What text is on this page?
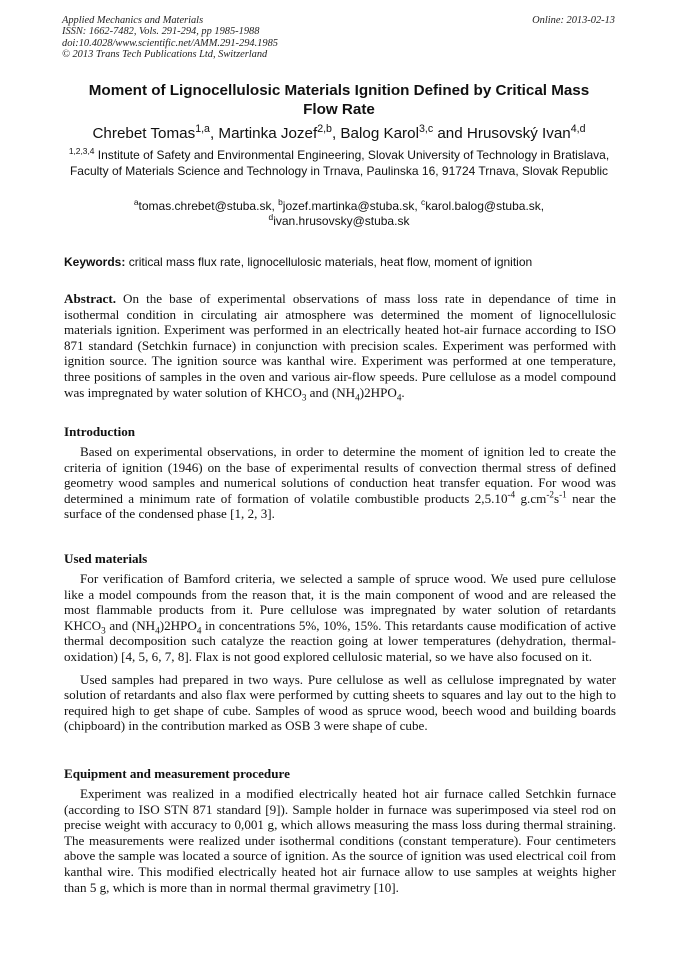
Applied Mechanics and Materials
ISSN: 1662-7482, Vols. 291-294, pp 1985-1988
doi:10.4028/www.scientific.net/AMM.291-294.1985
© 2013 Trans Tech Publications Ltd, Switzerland
Online: 2013-02-13
Moment of Lignocellulosic Materials Ignition Defined by Critical Mass Flow Rate
Chrebet Tomas$^{1,a}$, Martinka Jozef$^{2,b}$, Balog Karol$^{3,c}$ and Hrusovský Ivan$^{4,d}$
$^{1,2,3,4}$ Institute of Safety and Environmental Engineering, Slovak University of Technology in Bratislava, Faculty of Materials Science and Technology in Trnava, Paulinska 16, 91724 Trnava, Slovak Republic
$^a$tomas.chrebet@stuba.sk, $^b$jozef.martinka@stuba.sk, $^c$karol.balog@stuba.sk,
$^d$ivan.hrusovsky@stuba.sk
Keywords: critical mass flux rate, lignocellulosic materials, heat flow, moment of ignition
Abstract. On the base of experimental observations of mass loss rate in dependance of time in isothermal condition in circulating air atmosphere was determined the moment of lignocellulosic materials ignition. Experiment was performed in an electrically heated hot-air furnace according to ISO 871 standard (Setchkin furnace) in conjunction with precision scales. Experiment was performed with ignition source. The ignition source was kanthal wire. Experiment was performed at one temperature, three positions of samples in the oven and various air-flow speeds. Pure cellulose as a model compound was impregnated by water solution of $KHCO_3$ and $(NH_4)2HPO_4$.
Introduction

Based on experimental observations, in order to determine the moment of ignition led to create the criteria of ignition (1946) on the base of experimental results of convection thermal stress of defined geometry wood samples and numerical solutions of conduction heat transfer equation. For wood was determined a minimum rate of formation of volatile combustible products $2,5.10^{-4}$ $g.cm^{-2}s^{-1}$ near the surface of the condensed phase [1, 2, 3].

Used materials

For verification of Bamford criteria, we selected a sample of spruce wood. We used pure cellulose like a model compounds from the reason that, it is the main component of wood and are released the most flammable products from it. Pure cellulose was impregnated by water solution of retardants $KHCO_3$ and $(NH_4)2HPO_4$ in concentrations 5%, 10%, 15%. This retardants cause modification of active thermal decomposition such catalyze the reaction going at lower temperatures (dehydration, thermal-oxidation) [4, 5, 6, 7, 8]. Flax is not good explored cellulosic material, so we have also focused on it.

Used samples had prepared in two ways. Pure cellulose as well as cellulose impregnated by water solution of retardants and also flax were performed by cutting sheets to squares and lay out to the high to required high to get shape of cube. Samples of wood as spruce wood, beech wood and building boards (chipboard) in the contribution marked as OSB 3 were shape of cube.

Equipment and measurement procedure

Experiment was realized in a modified electrically heated hot air furnace called Setchkin furnace (according to ISO STN 871 standard [9]). Sample holder in furnace was superimposed via steel rod on precise weight with accuracy to 0,001 g, which allows measuring the mass loss during thermal straining. The measurements were realized under isothermal conditions (constant temperature). Four centimeters above the sample was located a source of ignition. As the source of ignition was used electrical coil from kanthal wire. This modified electrically heated hot air furnace allow to use samples at weights higher than 5 g, which is more than in normal thermal gravimetry [10].
